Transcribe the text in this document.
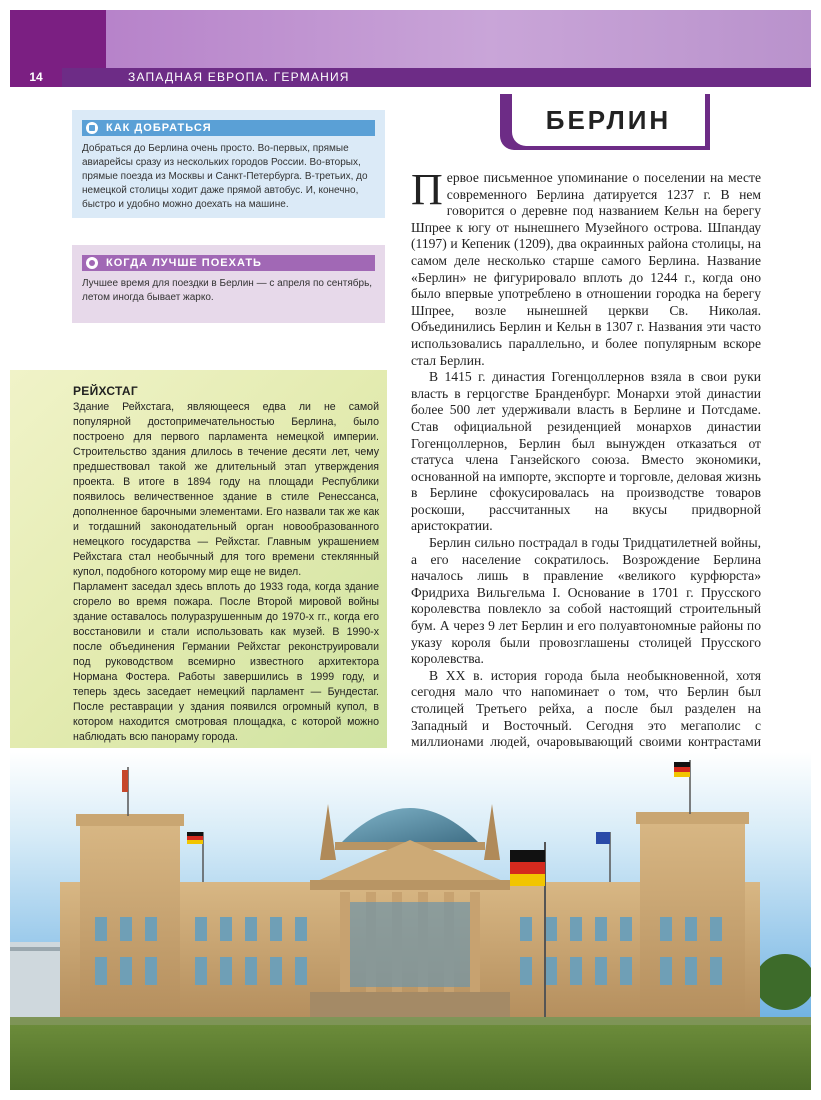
14	ЗАПАДНАЯ ЕВРОПА. ГЕРМАНИЯ
БЕРЛИН
КАК ДОБРАТЬСЯ
Добраться до Берлина очень просто. Во-первых, прямые авиарейсы сразу из нескольких городов России. Во-вторых, прямые поезда из Москвы и Санкт-Петербурга. В-третьих, до немецкой столицы ходит даже прямой автобус. И, конечно, быстро и удобно можно доехать на машине.
КОГДА ЛУЧШЕ ПОЕХАТЬ
Лучшее время для поездки в Берлин — с апреля по сентябрь, летом иногда бывает жарко.
РЕЙХСТАГ
Здание Рейхстага, являющееся едва ли не самой популярной достопримечательностью Берлина, было построено для первого парламента немецкой империи. Строительство здания длилось в течение десяти лет, чему предшествовал такой же длительный этап утверждения проекта. В итоге в 1894 году на площади Республики появилось величественное здание в стиле Ренессанса, дополненное барочными элементами. Его назвали так же как и тогдашний законодательный орган новообразованного немецкого государства — Рейхстаг. Главным украшением Рейхстага стал необычный для того времени стеклянный купол, подобного которому мир еще не видел.
Парламент заседал здесь вплоть до 1933 года, когда здание сгорело во время пожара. После Второй мировой войны здание оставалось полуразрушенным до 1970-х гг., когда его восстановили и стали использовать как музей. В 1990-х после объединения Германии Рейхстаг реконструировали под руководством всемирно известного архитектора Нормана Фостера. Работы завершились в 1999 году, и теперь здесь заседает немецкий парламент — Бундестаг. После реставрации у здания появился огромный купол, в котором находится смотровая площадка, с которой можно наблюдать всю панораму города.

Первое письменное упоминание о поселении на месте современного Берлина датируется 1237 г. В нем говорится о деревне под названием Кельн на берегу Шпрее к югу от нынешнего Музейного острова. Шпандау (1197) и Кепеник (1209), два окраинных района столицы, на самом деле несколько старше самого Берлина. Название «Берлин» не фигурировало вплоть до 1244 г., когда оно было впервые употреблено в отношении городка на берегу Шпрее, возле нынешней церкви Св. Николая. Объединились Берлин и Кельн в 1307 г. Названия эти часто использовались параллельно, и более популярным вскоре стал Берлин.

В 1415 г. династия Гогенцоллернов взяла в свои руки власть в герцогстве Бранденбург. Монархи этой династии более 500 лет удерживали власть в Берлине и Потсдаме. Став официальной резиденцией монархов династии Гогенцоллернов, Берлин был вынужден отказаться от статуса члена Ганзейского союза. Вместо экономики, основанной на импорте, экспорте и торговле, деловая жизнь в Берлине сфокусировалась на производстве товаров роскоши, рассчитанных на вкусы придворной аристократии.

Берлин сильно пострадал в годы Тридцатилетней войны, а его население сократилось. Возрождение Берлина началось лишь в правление «великого курфюрста» Фридриха Вильгельма I. Основание в 1701 г. Прусского королевства повлекло за собой настоящий строительный бум. А через 9 лет Берлин и его полуавтономные районы по указу короля были провозглашены столицей Прусского королевства.

В XX в. история города была необыкновенной, хотя сегодня мало что напоминает о том, что Берлин был столицей Третьего рейха, а после был разделен на Западный и Восточный. Сегодня это мегаполис с миллионами людей, очаровывающий своими контрастами
